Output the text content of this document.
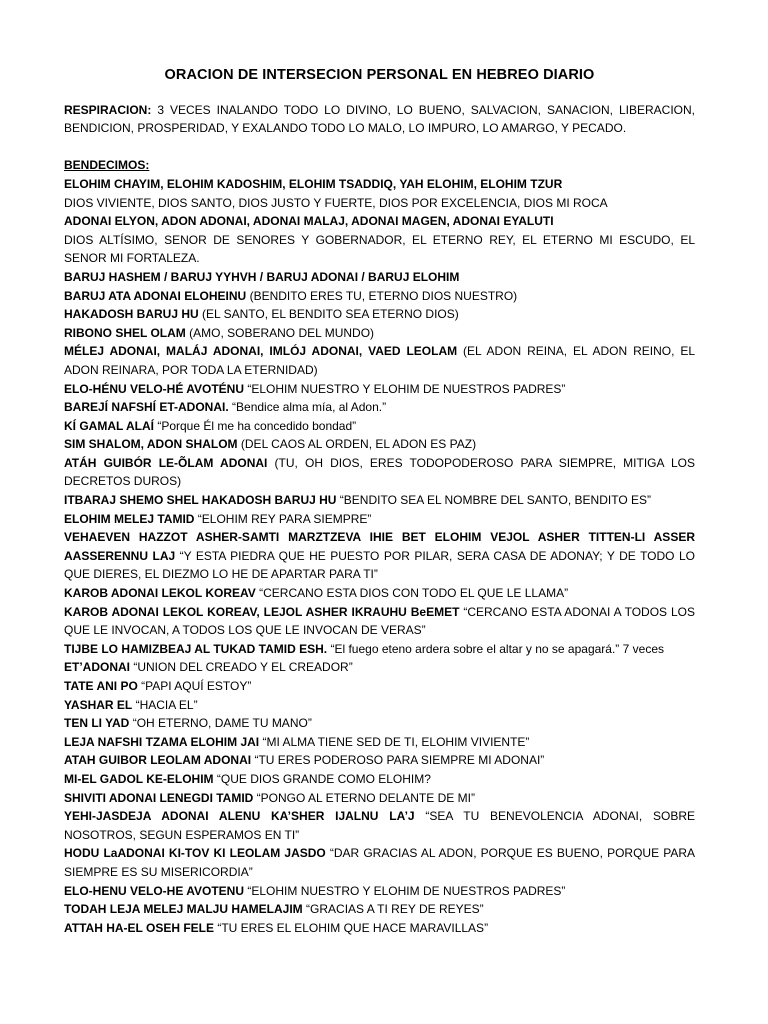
ORACION DE INTERSECION PERSONAL EN HEBREO DIARIO

RESPIRACION: 3 VECES INALANDO TODO LO DIVINO, LO BUENO, SALVACION, SANACION, LIBERACION, BENDICION, PROSPERIDAD, Y EXALANDO TODO LO MALO, LO IMPURO, LO AMARGO, Y PECADO.

BENDECIMOS:

ELOHIM CHAYIM, ELOHIM KADOSHIM, ELOHIM TSADDIQ, YAH ELOHIM, ELOHIM TZUR

DIOS VIVIENTE, DIOS SANTO, DIOS JUSTO Y FUERTE, DIOS POR EXCELENCIA, DIOS MI ROCA

ADONAI ELYON, ADON ADONAI, ADONAI MALAJ, ADONAI MAGEN, ADONAI EYALUTI

DIOS ALTÍSIMO, SENOR DE SENORES Y GOBERNADOR, EL ETERNO REY, EL ETERNO MI ESCUDO, EL SENOR MI FORTALEZA.

BARUJ HASHEM / BARUJ YYHVH / BARUJ ADONAI / BARUJ ELOHIM

BARUJ ATA ADONAI ELOHEINU (BENDITO ERES TU, ETERNO DIOS NUESTRO)

HAKADOSH BARUJ HU (EL SANTO, EL BENDITO SEA ETERNO DIOS)

RIBONO SHEL OLAM (AMO, SOBERANO DEL MUNDO)

MÉLEJ ADONAI, MALÁJ ADONAI, IMLÓJ ADONAI, VAED LEOLAM (EL ADON REINA, EL ADON REINO, EL ADON REINARA, POR TODA LA ETERNIDAD)

ELO-HÉNU VELO-HÉ AVOTÉNU “ELOHIM NUESTRO Y ELOHIM DE NUESTROS PADRES”

BAREJÍ NAFSHÍ ET-ADONAI. “Bendice alma mía, al Adon.”

KÍ GAMAL ALAÍ “Porque Él me ha concedido bondad”

SIM SHALOM, ADON SHALOM (DEL CAOS AL ORDEN, EL ADON ES PAZ)

ATÁH GUIBÓR LE-ÕLAM ADONAI (TU, OH DIOS, ERES TODOPODEROSO PARA SIEMPRE, MITIGA LOS DECRETOS DUROS)

ITBARAJ SHEMO SHEL HAKADOSH BARUJ HU “BENDITO SEA EL NOMBRE DEL SANTO, BENDITO ES”

ELOHIM MELEJ TAMID “ELOHIM REY PARA SIEMPRE”

VEHAEVEN HAZZOT ASHER-SAMTI MARZTZEVA IHIE BET ELOHIM VEJOL ASHER TITTEN-LI ASSER AASSERENNU LAJ “Y ESTA PIEDRA QUE HE PUESTO POR PILAR, SERA CASA DE ADONAY; Y DE TODO LO QUE DIERES, EL DIEZMO LO HE DE APARTAR PARA TI”

KAROB ADONAI LEKOL KOREAV “CERCANO ESTA DIOS CON TODO EL QUE LE LLAMA”

KAROB ADONAI LEKOL KOREAV, LEJOL ASHER IKRAUHU BeEMET “CERCANO ESTA ADONAI A TODOS LOS QUE LE INVOCAN, A TODOS LOS QUE LE INVOCAN DE VERAS”

TIJBE LO HAMIZBEAJ AL TUKAD TAMID ESH. “El fuego eteno ardera sobre el altar y no se apagará.” 7 veces

ET’ADONAI “UNION DEL CREADO Y EL CREADOR”

TATE ANI PO “PAPI AQUÍ ESTOY”

YASHAR EL “HACIA EL”

TEN LI YAD “OH ETERNO, DAME TU MANO”

LEJA NAFSHI TZAMA ELOHIM JAI “MI ALMA TIENE SED DE TI, ELOHIM VIVIENTE”

ATAH GUIBOR LEOLAM ADONAI “TU ERES PODEROSO PARA SIEMPRE MI ADONAI”

MI-EL GADOL KE-ELOHIM “QUE DIOS GRANDE COMO ELOHIM?

SHIVITI ADONAI LENEGDI TAMID “PONGO AL ETERNO DELANTE DE MI”

YEHI-JASDEJA ADONAI ALENU KA’SHER IJALNU LA’J “SEA TU BENEVOLENCIA ADONAI, SOBRE NOSOTROS, SEGUN ESPERAMOS EN TI”

HODU LaADONAI KI-TOV KI LEOLAM JASDO “DAR GRACIAS AL ADON, PORQUE ES BUENO, PORQUE PARA SIEMPRE ES SU MISERICORDIA”

ELO-HENU VELO-HE AVOTENU “ELOHIM NUESTRO Y ELOHIM DE NUESTROS PADRES”

TODAH LEJA MELEJ MALJU HAMELAJIM “GRACIAS A TI REY DE REYES”

ATTAH HA-EL OSEH FELE “TU ERES EL ELOHIM QUE HACE MARAVILLAS”
